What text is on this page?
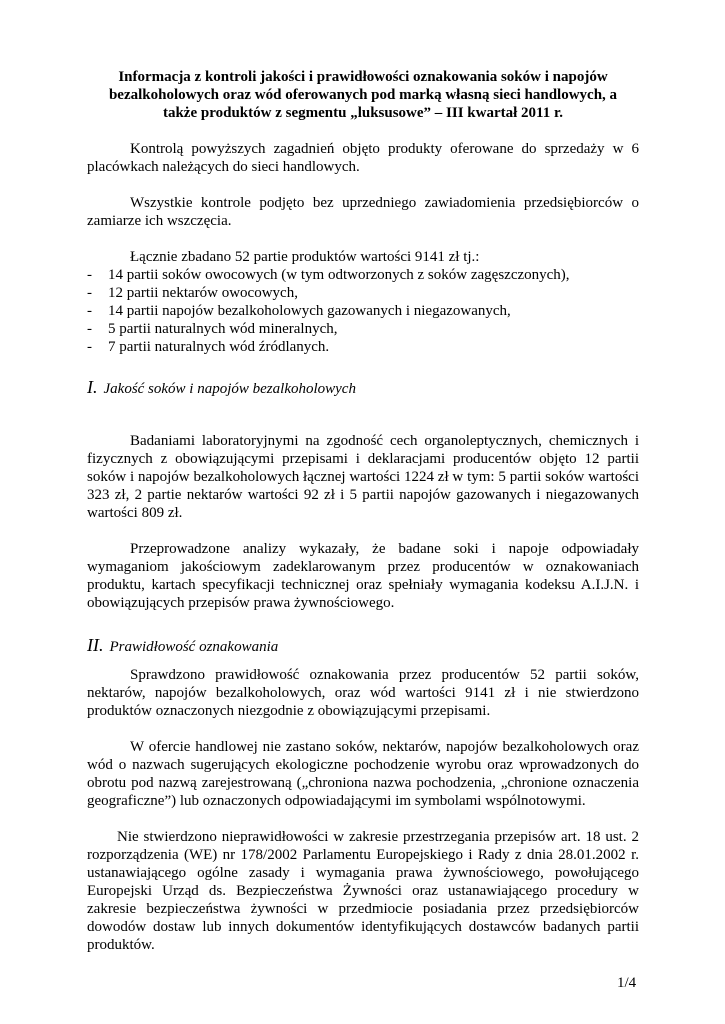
Informacja z kontroli jakości i prawidłowości oznakowania soków i napojów bezalkoholowych oraz wód oferowanych pod marką własną sieci handlowych, a także produktów z segmentu „luksusowe” – III kwartał 2011 r.

Kontrolą powyższych zagadnień objęto produkty oferowane do sprzedaży w 6 placówkach należących do sieci handlowych.

Wszystkie kontrole podjęto bez uprzedniego zawiadomienia przedsiębiorców o zamiarze ich wszczęcia.

Łącznie zbadano 52 partie produktów wartości 9141 zł tj.:

- 14 partii soków owocowych (w tym odtworzonych z soków zagęszczonych),
- 12 partii nektarów owocowych,
- 14 partii napojów bezalkoholowych gazowanych i niegazowanych,
- 5 partii naturalnych wód mineralnych,
- 7 partii naturalnych wód źródlanych.
I. Jakość soków i napojów bezalkoholowych

Badaniami laboratoryjnymi na zgodność cech organoleptycznych, chemicznych i fizycznych z obowiązującymi przepisami i deklaracjami producentów objęto 12 partii soków i napojów bezalkoholowych łącznej wartości 1224 zł w tym: 5 partii soków wartości 323 zł, 2 partie nektarów wartości 92 zł i 5 partii napojów gazowanych i niegazowanych wartości 809 zł.

Przeprowadzone analizy wykazały, że badane soki i napoje odpowiadały wymaganiom jakościowym zadeklarowanym przez producentów w oznakowaniach produktu, kartach specyfikacji technicznej oraz spełniały wymagania kodeksu A.I.J.N. i obowiązujących przepisów prawa żywnościowego.

II. Prawidłowość oznakowania

Sprawdzono prawidłowość oznakowania przez producentów 52 partii soków, nektarów, napojów bezalkoholowych, oraz wód wartości 9141 zł i nie stwierdzono produktów oznaczonych niezgodnie z obowiązującymi przepisami.

W ofercie handlowej nie zastano soków, nektarów, napojów bezalkoholowych oraz wód o nazwach sugerujących ekologiczne pochodzenie wyrobu oraz wprowadzonych do obrotu pod nazwą zarejestrowaną („chroniona nazwa pochodzenia, „chronione oznaczenia geograficzne”) lub oznaczonych odpowiadającymi im symbolami wspólnotowymi.

Nie stwierdzono nieprawidłowości w zakresie przestrzegania przepisów art. 18 ust. 2 rozporządzenia (WE) nr 178/2002 Parlamentu Europejskiego i Rady z dnia 28.01.2002 r. ustanawiającego ogólne zasady i wymagania prawa żywnościowego, powołującego Europejski Urząd ds. Bezpieczeństwa Żywności oraz ustanawiającego procedury w zakresie bezpieczeństwa żywności w przedmiocie posiadania przez przedsiębiorców dowodów dostaw lub innych dokumentów identyfikujących dostawców badanych partii produktów.

1/4
